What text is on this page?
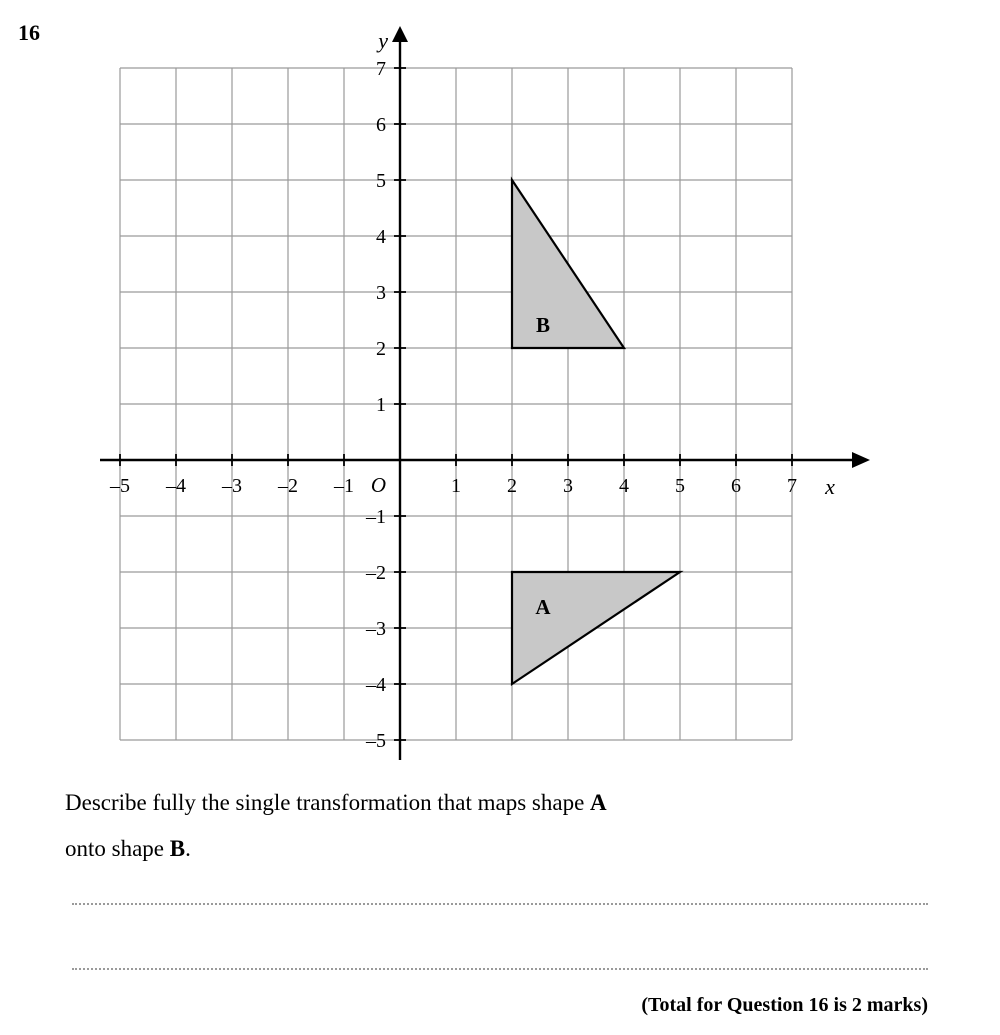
16
–5 –4 –3 –2 –1	1 2 3 4 5 6 7
7
6
5
4
3
2
1
–1
–2
–3
–4
–5
O
y
x
B
A
Describe fully the single transformation that maps shape A
onto shape B.
(Total for Question 16 is 2 marks)
